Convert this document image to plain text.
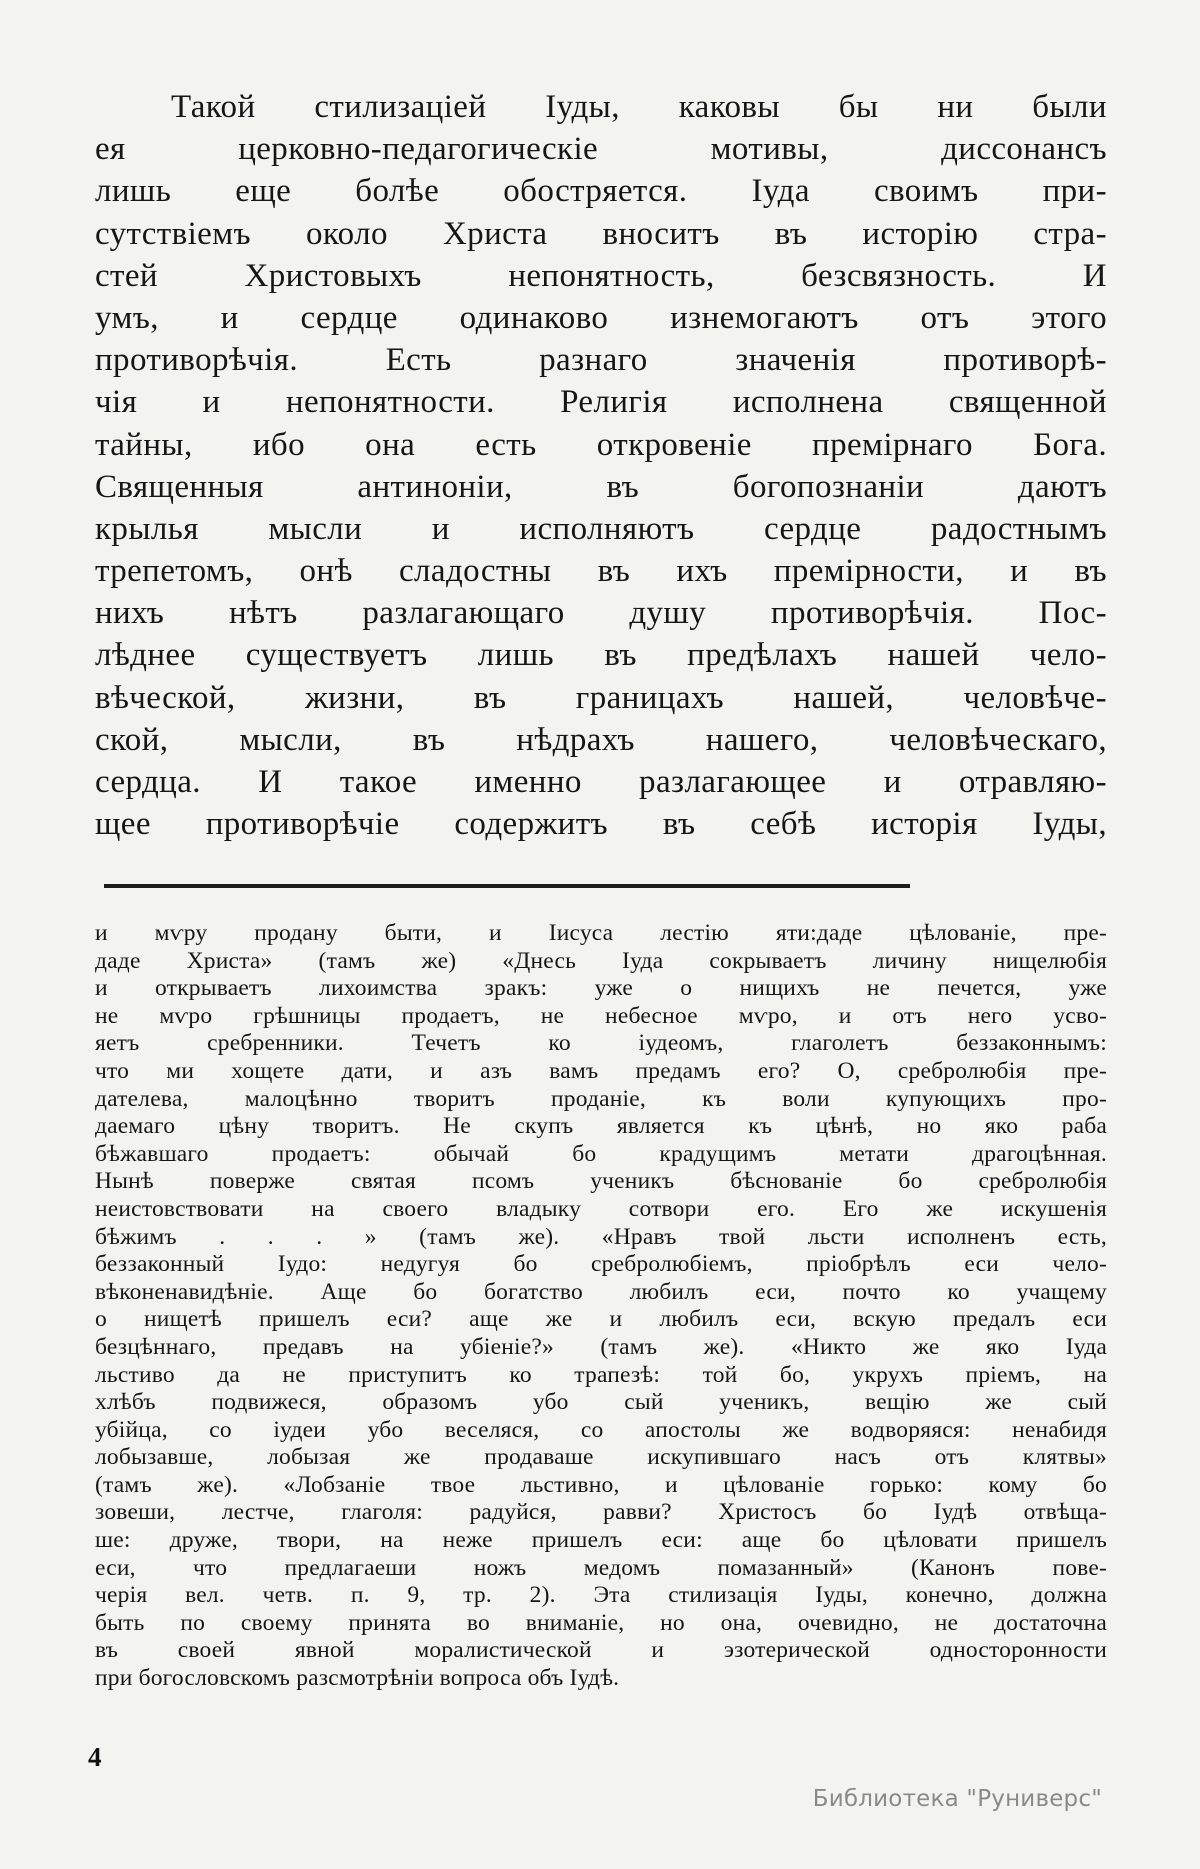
Такой стилизаціей Іуды, каковы бы ни были
ея церковно-педагогическіе мотивы, диссонансъ
лишь еще болѣе обостряется. Іуда своимъ при-
сутствіемъ около Христа вноситъ въ исторію стра-
стей Христовыхъ непонятность, безсвязность. И
умъ, и сердце одинаково изнемогаютъ отъ этого
противорѣчія. Есть разнаго значенія противорѣ-
чія и непонятности. Религія исполнена священной
тайны, ибо она есть откровеніе премірнаго Бога.
Священныя антиноніи, въ богопознаніи даютъ
крылья мысли и исполняютъ сердце радостнымъ
трепетомъ, онѣ сладостны въ ихъ премірности, и въ
нихъ нѣтъ разлагающаго душу противорѣчія. Пос-
лѣднее существуетъ лишь въ предѣлахъ нашей чело-
вѣческой, жизни, въ границахъ нашей, человѣче-
ской, мысли, въ нѣдрахъ нашего, человѣческаго,
сердца. И такое именно разлагающее и отравляю-
щее противорѣчіе содержитъ въ себѣ исторія Іуды,
и мѵру продану быти, и Іисуса лестію яти:даде цѣлованіе, пре-
даде Христа» (тамъ же) «Днесь Іуда сокрываетъ личину нищелюбія
и открываетъ лихоимства зракъ: уже о нищихъ не печется, уже
не мѵро грѣшницы продаетъ, не небесное мѵро, и отъ него усво-
яетъ сребренники. Течетъ ко іудеомъ, глаголетъ беззаконнымъ:
что ми хощете дати, и азъ вамъ предамъ его? О, сребролюбія пре-
дателева, малоцѣнно творитъ проданіе, къ воли купующихъ про-
даемаго цѣну творитъ. Не скупъ является къ цѣнѣ, но яко раба
бѣжавшаго продаетъ: обычай бо крадущимъ метати драгоцѣнная.
Нынѣ поверже святая псомъ ученикъ бѣснованіе бо сребролюбія
неистовствовати на своего владыку сотвори его. Его же искушенія
бѣжимъ . . . » (тамъ же). «Нравъ твой льсти исполненъ есть,
беззаконный Іудо: недугуя бо сребролюбіемъ, пріобрѣлъ еси чело-
вѣконенавидѣніе. Аще бо богатство любилъ еси, почто ко учащему
о нищетѣ пришелъ еси? аще же и любилъ еси, вскую предалъ еси
безцѣннаго, предавъ на убіеніе?» (тамъ же). «Никто же яко Іуда
льстиво да не приступитъ ко трапезѣ: той бо, укрухъ пріемъ, на
хлѣбъ подвижеся, образомъ убо сый ученикъ, вещію же сый
убійца, со іудеи убо веселяся, со апостолы же водворяяся: ненабидя
лобызавше, лобызая же продаваше искупившаго насъ отъ клятвы»
(тамъ же). «Лобзаніе твое льстивно, и цѣлованіе горько: кому бо
зовеши, лестче, глаголя: радуйся, равви? Христосъ бо Іудѣ отвѣща-
ше: друже, твори, на неже пришелъ еси: аще бо цѣловати пришелъ
еси, что предлагаеши ножъ медомъ помазанный» (Канонъ пове-
черія вел. четв. п. 9, тр. 2). Эта стилизація Іуды, конечно, должна
быть по своему принята во вниманіе, но она, очевидно, не достаточна
въ своей явной моралистической и эзотерической односторонности
при богословскомъ разсмотрѣніи вопроса объ Іудѣ.
4
Библиотека "Руниверс"
